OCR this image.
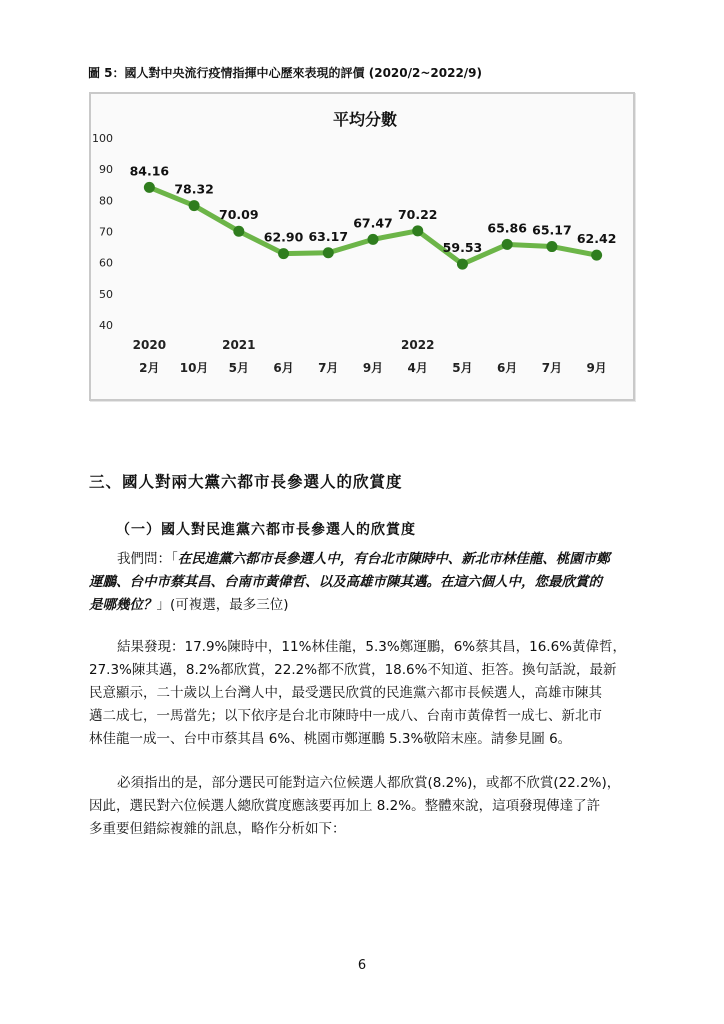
圖 5：國人對中央流行疫情指揮中心歷來表現的評價 (2020/2~2022/9)
平均分數
40
50
60
70
80
90
100
2月
2020
10月 5月
2021
6月 7月 9月 4月
2022
5月 6月 7月 9月
84.16
78.32
70.09
62.90 63.17
67.47
70.22
59.53
65.86 65.17
62.42
三、國人對兩大黨六都市長參選人的欣賞度
（一）國人對民進黨六都市長參選人的欣賞度
我們問：「在民進黨六都市長參選人中，有台北市陳時中、新北市林佳龍、桃園市鄭
運鵬、台中市蔡其昌、台南市黃偉哲、以及高雄市陳其邁。在這六個人中，您最欣賞的
是哪幾位？」(可複選，最多三位)
結果發現：17.9%陳時中，11%林佳龍，5.3%鄭運鵬，6%蔡其昌，16.6%黃偉哲，
27.3%陳其邁，8.2%都欣賞，22.2%都不欣賞，18.6%不知道、拒答。換句話說，最新
民意顯示，二十歲以上台灣人中，最受選民欣賞的民進黨六都市長候選人，高雄市陳其
邁二成七，一馬當先；以下依序是台北市陳時中一成八、台南市黃偉哲一成七、新北市
林佳龍一成一、台中市蔡其昌 6%、桃園市鄭運鵬 5.3%敬陪末座。請參見圖 6。
必須指出的是，部分選民可能對這六位候選人都欣賞(8.2%)，或都不欣賞(22.2%)，
因此，選民對六位候選人總欣賞度應該要再加上 8.2%。整體來說，這項發現傳達了許
多重要但錯綜複雜的訊息，略作分析如下：
6
